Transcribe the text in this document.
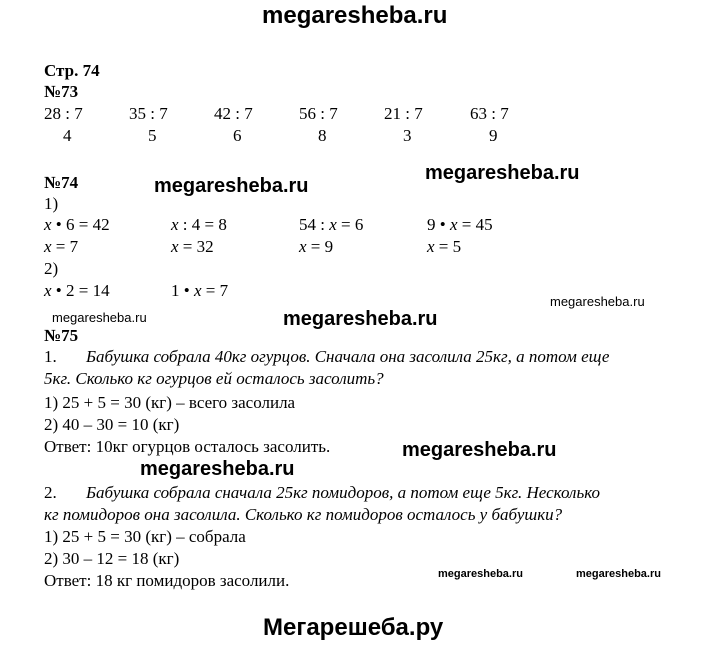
megaresheba.ru
megaresheba.ru
megaresheba.ru
megaresheba.ru
megaresheba.ru	megaresheba.ru
megaresheba.ru
megaresheba.ru
megaresheba.ru	megaresheba.ru
Мегарешеба.ру
Стр. 74
№73
28 : 7	35 : 7	42 : 7	56 : 7	21 : 7	63 : 7
4	5	6	8	3	9
№74
1)
x • 6 = 42	x : 4 = 8	54 : x = 6	9 • x = 45
x = 7	x = 32	x = 9	x = 5
2)
x • 2 = 14	1 • x = 7
№75
1. Бабушка собрала 40кг огурцов. Сначала она засолила 25кг, а потом еще
5кг. Сколько кг огурцов ей осталось засолить?
1) 25 + 5 = 30 (кг) – всего засолила
2) 40 – 30 = 10 (кг)
Ответ: 10кг огурцов осталось засолить.
2. Бабушка собрала сначала 25кг помидоров, а потом еще 5кг. Несколько
кг помидоров она засолила. Сколько кг помидоров осталось у бабушки?
1) 25 + 5 = 30 (кг) – собрала
2) 30 – 12 = 18 (кг)
Ответ: 18 кг помидоров засолили.
